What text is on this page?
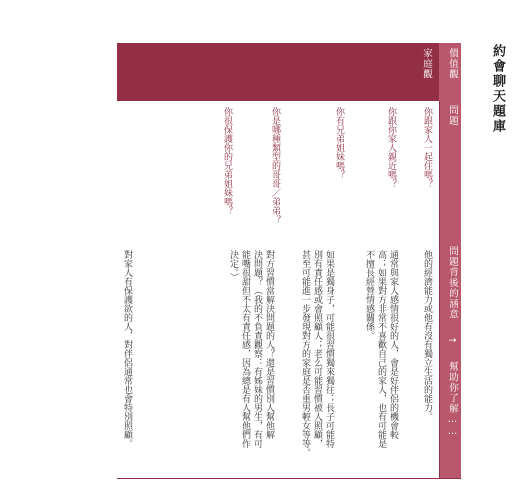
約會聊天題庫
價值觀
家庭觀
問題
問題背後的涵意 → 幫助你了解……
你跟家人一起住嗎？
他的經濟能力或他有沒有獨立生活的能力。
你跟你家人親近嗎？
通常與家人感情很好的人，會是好伴侶的機會較
高；如果對方非常不喜歡自己的家人，也有可能是
不擅長經營情感關係。
你有兄弟姐妹嗎？
如果是獨身子，可能很習慣獨來獨往；長子可能特
別有責任感或會照顧人；老么可能習慣被人照顧，
甚至可能進一步發現對方的家庭是否重男輕女等等。
你是哪種類型的哥哥／弟弟？
對方習慣當解決問題的人？還是習慣別人幫他解
決問題？（我的不負責觀察：有姊妹的男生，有可
能嘴很甜但不太有責任感，因為總是有人幫他們作
決定。）
你很保護你的兄弟姐妹嗎？
對家人有保護欲的人，對伴侶通常也會特別照顧。
